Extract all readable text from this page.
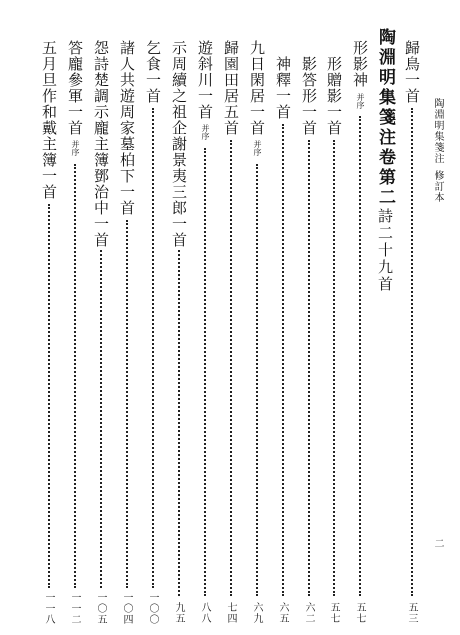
陶淵明集箋注
修訂本
二
歸鳥一首
五三
陶淵明集箋注卷第二
詩二十九首
形影神
并序
五七
形贈影一首
五七
影答形一首
六二
神釋一首
六五
九日閑居一首
并序
六九
歸園田居五首
七四
遊斜川一首
并序
八八
示周續之祖企謝景夷三郎一首
九五
乞食一首
一〇〇
諸人共遊周家墓柏下一首
一〇四
怨詩楚調示龐主簿鄧治中一首
一〇五
答龐參軍一首
并序
一一二
五月旦作和戴主簿一首
一一八
